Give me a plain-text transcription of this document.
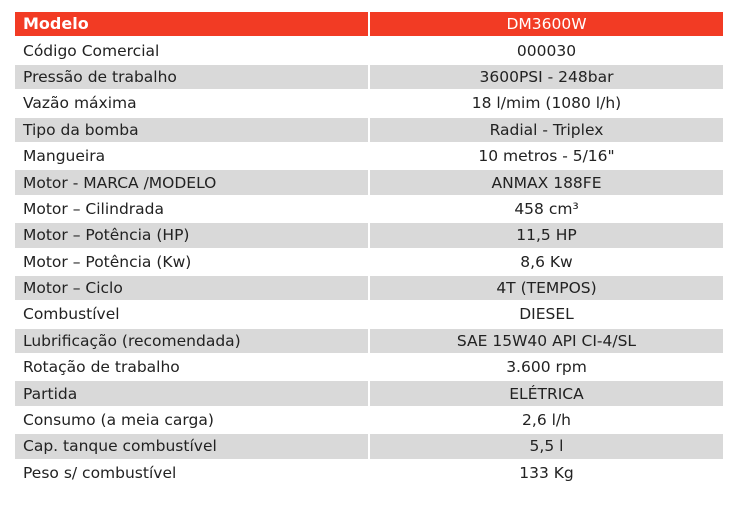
Modelo	DM3600W
Código Comercial	000030
Pressão de trabalho	3600PSI - 248bar
Vazão máxima	18 l/mim (1080 l/h)
Tipo da bomba	Radial - Triplex
Mangueira	10 metros - 5/16"
Motor - MARCA /MODELO	ANMAX 188FE
Motor – Cilindrada	458 cm³
Motor – Potência (HP)	11,5 HP
Motor – Potência (Kw)	8,6 Kw
Motor – Ciclo	4T (TEMPOS)
Combustível	DIESEL
Lubrificação (recomendada)	SAE 15W40 API CI-4/SL
Rotação de trabalho	3.600 rpm
Partida	ELÉTRICA
Consumo (a meia carga)	2,6 l/h
Cap. tanque combustível	5,5 l
Peso s/ combustível	133 Kg
